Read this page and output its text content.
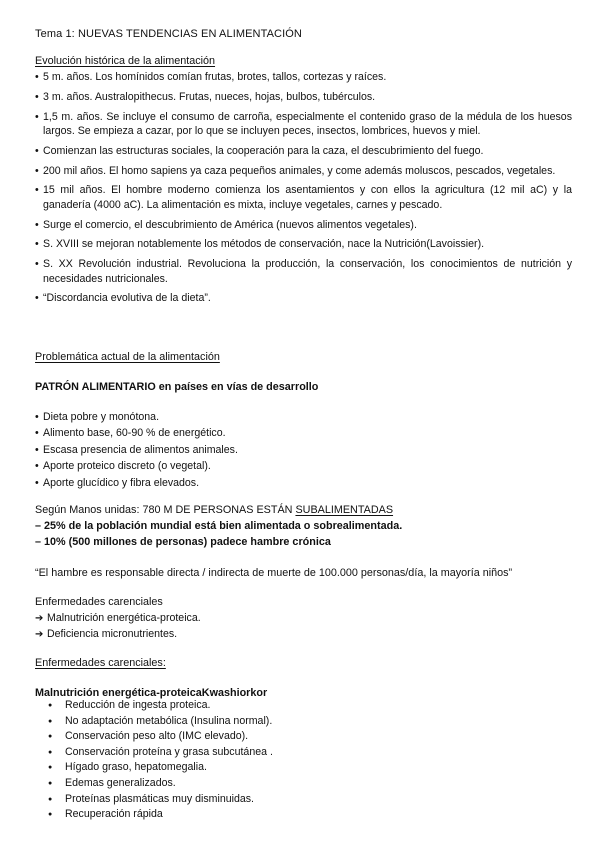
Tema 1: NUEVAS TENDENCIAS EN ALIMENTACIÓN
Evolución histórica de la alimentación
• 5 m. años. Los homínidos comían frutas, brotes, tallos, cortezas y raíces.
• 3 m. años. Australopithecus. Frutas, nueces, hojas, bulbos, tubérculos.
• 1,5 m. años. Se incluye el consumo de carroña, especialmente el contenido graso de la médula de los huesos largos. Se empieza a cazar, por lo que se incluyen peces, insectos, lombrices, huevos y miel.
• Comienzan las estructuras sociales, la cooperación para la caza, el descubrimiento del fuego.
• 200 mil años. El homo sapiens ya caza pequeños animales, y come además moluscos, pescados, vegetales.
• 15 mil años. El hombre moderno comienza los asentamientos y con ellos la agricultura (12 mil aC) y la ganadería (4000 aC). La alimentación es mixta, incluye vegetales, carnes y pescado.
• Surge el comercio, el descubrimiento de América (nuevos alimentos vegetales).
• S. XVIII se mejoran notablemente los métodos de conservación, nace la Nutrición(Lavoissier).
• S. XX Revolución industrial. Revoluciona la producción, la conservación, los conocimientos de nutrición y necesidades nutricionales.
• “Discordancia evolutiva de la dieta”.
Problemática actual de la alimentación
PATRÓN ALIMENTARIO en países en vías de desarrollo
• Dieta pobre y monótona.
• Alimento base, 60-90 % de energético.
• Escasa presencia de alimentos animales.
• Aporte proteico discreto (o vegetal).
• Aporte glucídico y fibra elevados.
Según Manos unidas: 780 M DE PERSONAS ESTÁN SUBALIMENTADAS
– 25% de la población mundial está bien alimentada o sobrealimentada.
– 10% (500 millones de personas) padece hambre crónica
“El hambre es responsable directa / indirecta de muerte de 100.000 personas/día, la mayoría niños”
Enfermedades carenciales
➔ Malnutrición energética-proteica.
➔ Deficiencia micronutrientes.
Enfermedades carenciales:
Malnutrición energética-proteicaKwashiorkor
● Reducción de ingesta proteica.
● No adaptación metabólica (Insulina normal).
● Conservación peso alto (IMC elevado).
● Conservación proteína y grasa subcutánea .
● Hígado graso, hepatomegalia.
● Edemas generalizados.
● Proteínas plasmáticas muy disminuidas.
● Recuperación rápida
